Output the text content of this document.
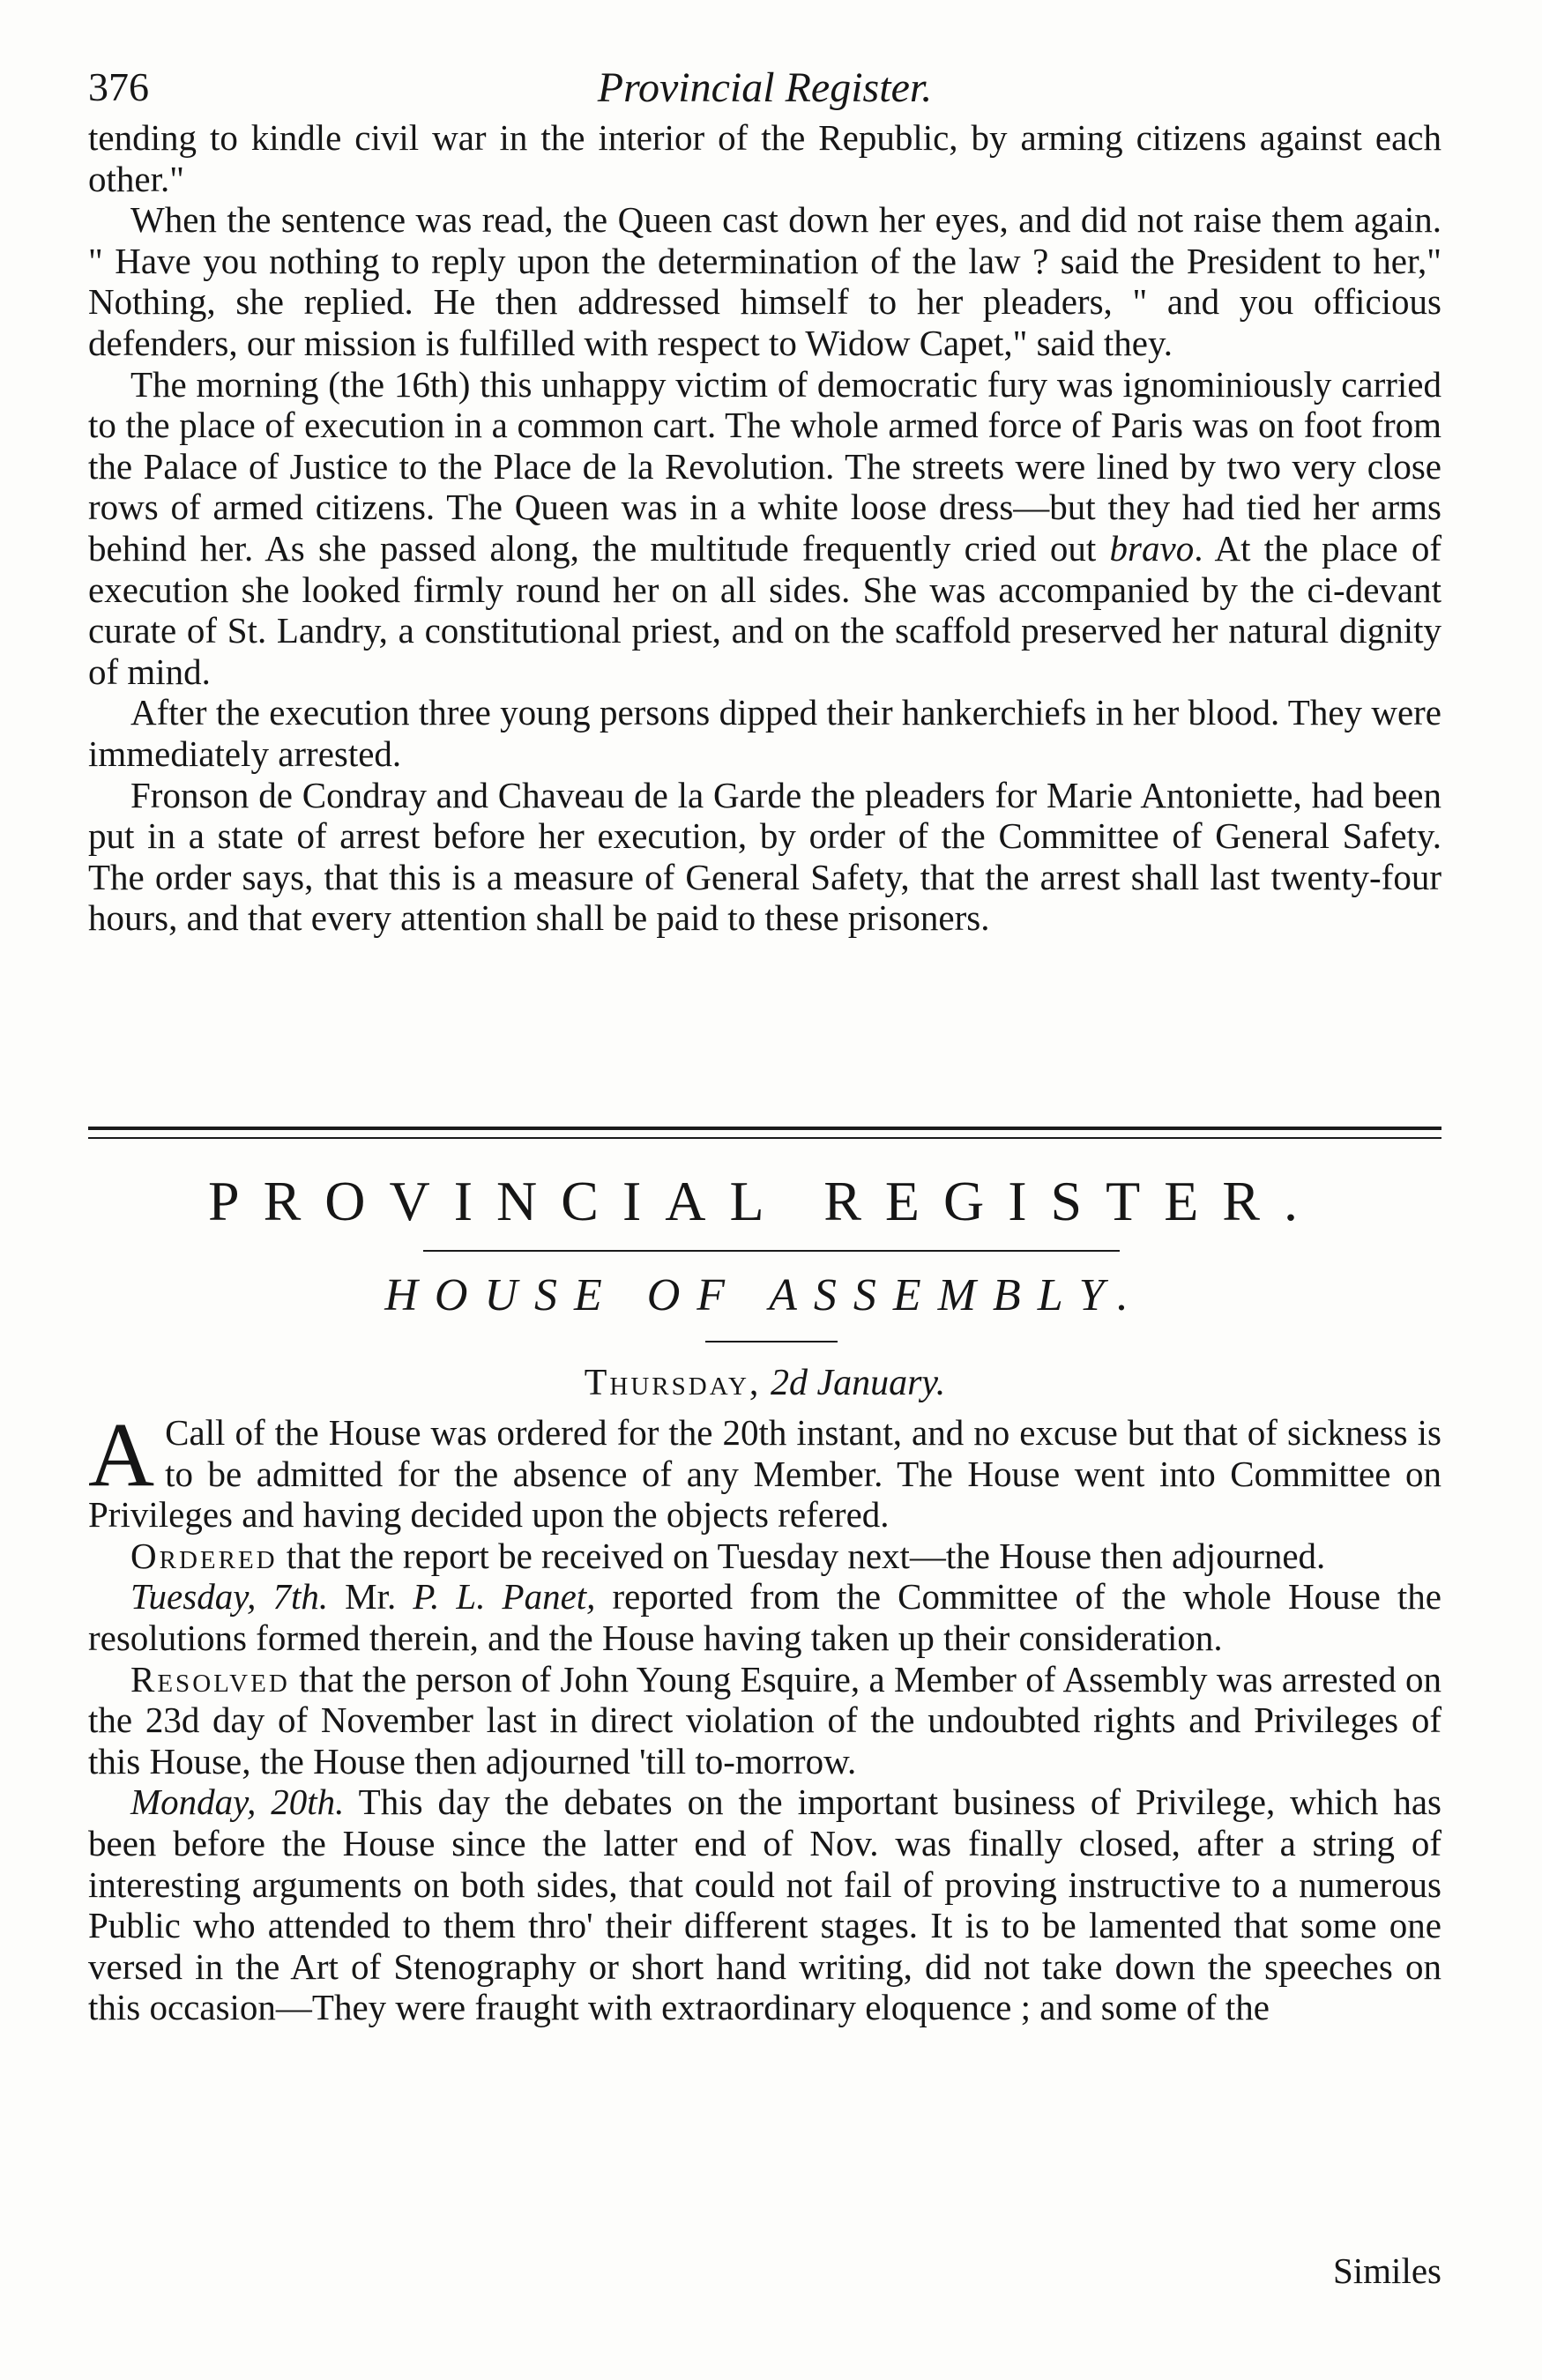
376	Provincial Register.

tending to kindle civil war in the interior of the Republic, by arming citizens against each other."

When the sentence was read, the Queen cast down her eyes, and did not raise them again. " Have you nothing to reply upon the determination of the law ? said the President to her," Nothing, she replied. He then addressed himself to her pleaders, " and you officious defenders, our mission is fulfilled with respect to Widow Capet," said they.

The morning (the 16th) this unhappy victim of democratic fury was ignominiously carried to the place of execution in a common cart. The whole armed force of Paris was on foot from the Palace of Justice to the Place de la Revolution. The streets were lined by two very close rows of armed citizens. The Queen was in a white loose dress—but they had tied her arms behind her. As she passed along, the multitude frequently cried out bravo. At the place of execution she looked firmly round her on all sides. She was accompanied by the ci-devant curate of St. Landry, a constitutional priest, and on the scaffold preserved her natural dignity of mind.

After the execution three young persons dipped their hankerchiefs in her blood. They were immediately arrested.

Fronson de Condray and Chaveau de la Garde the pleaders for Marie Antoniette, had been put in a state of arrest before her execution, by order of the Committee of General Safety. The order says, that this is a measure of General Safety, that the arrest shall last twenty-four hours, and that every attention shall be paid to these prisoners.

PROVINCIAL REGISTER.
HOUSE OF ASSEMBLY.
Thursday, 2d January.

A Call of the House was ordered for the 20th instant, and no excuse but that of sickness is to be admitted for the absence of any Member. The House went into Committee on Privileges and having decided upon the objects refered.

Ordered that the report be received on Tuesday next—the House then adjourned.

Tuesday, 7th. Mr. P. L. Panet, reported from the Committee of the whole House the resolutions formed therein, and the House having taken up their consideration.

Resolved that the person of John Young Esquire, a Member of Assembly was arrested on the 23d day of November last in direct violation of the undoubted rights and Privileges of this House, the House then adjourned 'till to-morrow.

Monday, 20th. This day the debates on the important business of Privilege, which has been before the House since the latter end of Nov. was finally closed, after a string of interesting arguments on both sides, that could not fail of proving instructive to a numerous Public who attended to them thro' their different stages. It is to be lamented that some one versed in the Art of Stenography or short hand writing, did not take down the speeches on this occasion—They were fraught with extraordinary eloquence ; and some of the

Similes
